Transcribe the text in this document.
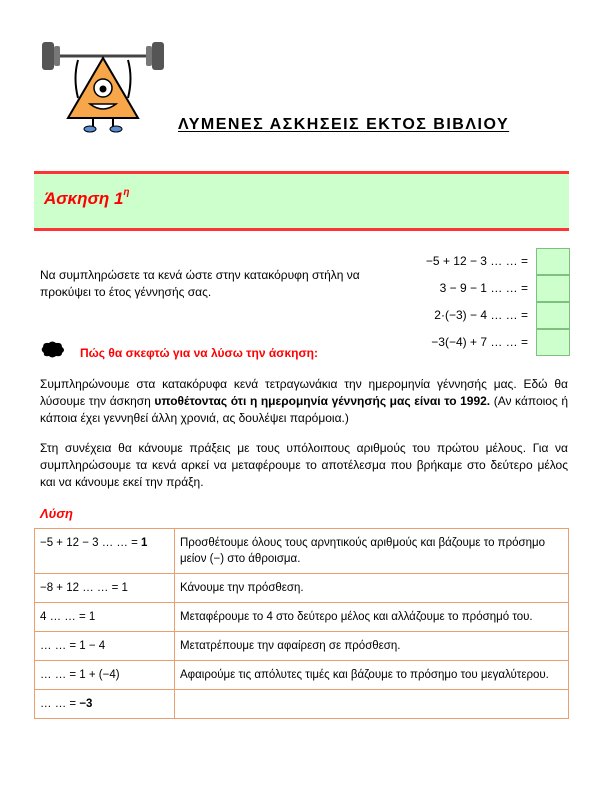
ΛΥΜΕΝΕΣ ΑΣΚΗΣΕΙΣ ΕΚΤΟΣ ΒΙΒΛΙΟΥ
Άσκηση $1^\eta$
Να συμπληρώσετε τα κενά ώστε στην κατακόρυφη στήλη να προκύψει το έτος γέννησής σας.
−5 + 12 − 3 … … =
3 − 9 − 1 … … =
2·(−3) − 4 … … =
−3(−4) + 7 … … =
Πώς θα σκεφτώ για να λύσω την άσκηση:
Συμπληρώνουμε στα κατακόρυφα κενά τετραγωνάκια την ημερομηνία γέννησής μας. Εδώ θα λύσουμε την άσκηση υποθέτοντας ότι η ημερομηνία γέννησής μας είναι το 1992. (Αν κάποιος ή κάποια έχει γεννηθεί άλλη χρονιά, ας δουλέψει παρόμοια.)
Στη συνέχεια θα κάνουμε πράξεις με τους υπόλοιπους αριθμούς του πρώτου μέλους. Για να συμπληρώσουμε τα κενά αρκεί να μεταφέρουμε το αποτέλεσμα που βρήκαμε στο δεύτερο μέλος και να κάνουμε εκεί την πράξη.
Λύση
−5 + 12 − 3 … … = 1	Προσθέτουμε όλους τους αρνητικούς αριθμούς και βάζουμε το πρόσημο μείον (−) στο άθροισμα.
−8 + 12 … … = 1	Κάνουμε την πρόσθεση.
4 … … = 1	Μεταφέρουμε το 4 στο δεύτερο μέλος και αλλάζουμε το πρόσημό του.
… … = 1 − 4	Μετατρέπουμε την αφαίρεση σε πρόσθεση.
… … = 1 + (−4)	Αφαιρούμε τις απόλυτες τιμές και βάζουμε το πρόσημο του μεγαλύτερου.
… … = −3	
